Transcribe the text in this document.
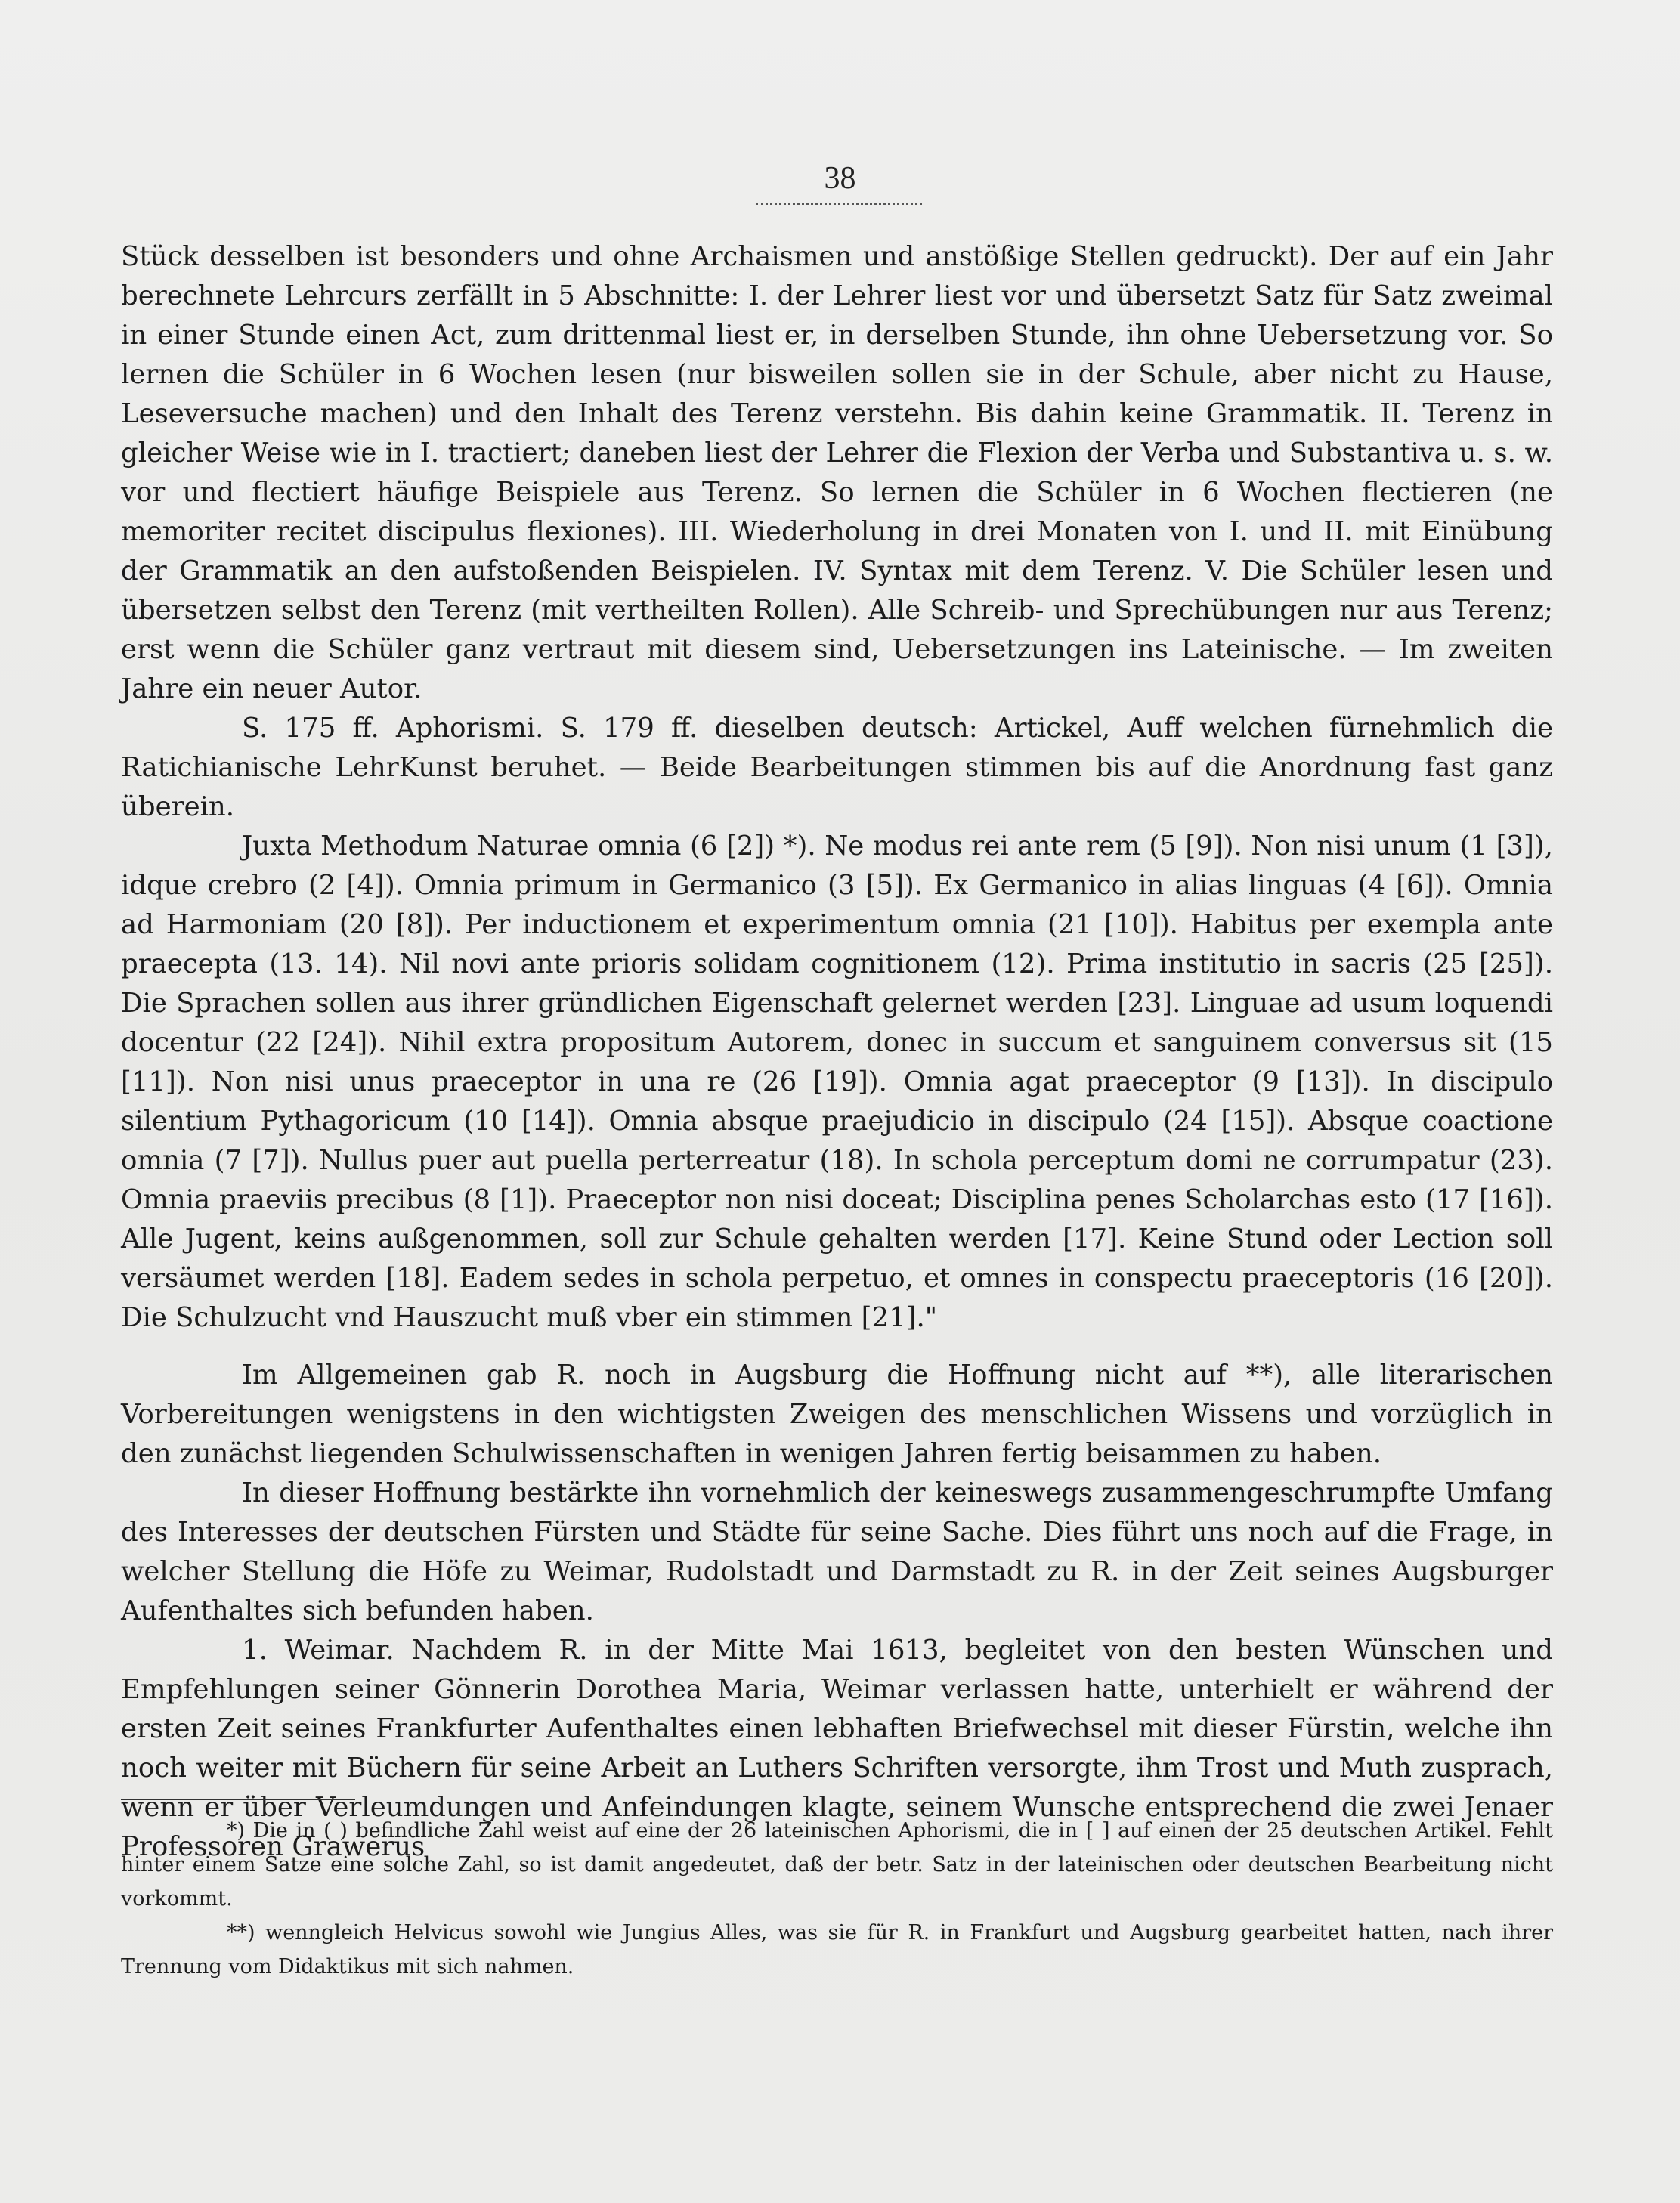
38

Stück desselben ist besonders und ohne Archaismen und anstößige Stellen gedruckt). Der auf ein Jahr berechnete Lehrcurs zerfällt in 5 Abschnitte: I. der Lehrer liest vor und übersetzt Satz für Satz zweimal in einer Stunde einen Act, zum drittenmal liest er, in derselben Stunde, ihn ohne Uebersetzung vor. So lernen die Schüler in 6 Wochen lesen (nur bisweilen sollen sie in der Schule, aber nicht zu Hause, Leseversuche machen) und den Inhalt des Terenz verstehn. Bis dahin keine Grammatik. II. Terenz in gleicher Weise wie in I. tractiert; daneben liest der Lehrer die Flexion der Verba und Substantiva u. s. w. vor und flectiert häufige Beispiele aus Terenz. So lernen die Schüler in 6 Wochen flectieren (ne memoriter recitet discipulus flexiones). III. Wiederholung in drei Monaten von I. und II. mit Einübung der Grammatik an den aufstoßenden Beispielen. IV. Syntax mit dem Terenz. V. Die Schüler lesen und übersetzen selbst den Terenz (mit vertheilten Rollen). Alle Schreib- und Sprechübungen nur aus Terenz; erst wenn die Schüler ganz vertraut mit diesem sind, Uebersetzungen ins Lateinische. — Im zweiten Jahre ein neuer Autor.

S. 175 ff. Aphorismi. S. 179 ff. dieselben deutsch: Artickel, Auff welchen fürnehmlich die Ratichianische LehrKunst beruhet. — Beide Bearbeitungen stimmen bis auf die Anordnung fast ganz überein.

Juxta Methodum Naturae omnia (6 [2]) *). Ne modus rei ante rem (5 [9]). Non nisi unum (1 [3]), idque crebro (2 [4]). Omnia primum in Germanico (3 [5]). Ex Germanico in alias linguas (4 [6]). Omnia ad Harmoniam (20 [8]). Per inductionem et experimentum omnia (21 [10]). Habitus per exempla ante praecepta (13. 14). Nil novi ante prioris solidam cognitionem (12). Prima institutio in sacris (25 [25]). Die Sprachen sollen aus ihrer gründlichen Eigenschaft gelernet werden [23]. Linguae ad usum loquendi docentur (22 [24]). Nihil extra propositum Autorem, donec in succum et sanguinem conversus sit (15 [11]). Non nisi unus praeceptor in una re (26 [19]). Omnia agat praeceptor (9 [13]). In discipulo silentium Pythagoricum (10 [14]). Omnia absque praejudicio in discipulo (24 [15]). Absque coactione omnia (7 [7]). Nullus puer aut puella perterreatur (18). In schola perceptum domi ne corrumpatur (23). Omnia praeviis precibus (8 [1]). Praeceptor non nisi doceat; Disciplina penes Scholarchas esto (17 [16]). Alle Jugent, keins außgenommen, soll zur Schule gehalten werden [17]. Keine Stund oder Lection soll versäumet werden [18]. Eadem sedes in schola perpetuo, et omnes in conspectu praeceptoris (16 [20]). Die Schulzucht vnd Hauszucht muß vber ein stimmen [21]."

Im Allgemeinen gab R. noch in Augsburg die Hoffnung nicht auf **), alle literarischen Vorbereitungen wenigstens in den wichtigsten Zweigen des menschlichen Wissens und vorzüglich in den zunächst liegenden Schulwissenschaften in wenigen Jahren fertig beisammen zu haben.

In dieser Hoffnung bestärkte ihn vornehmlich der keineswegs zusammengeschrumpfte Umfang des Interesses der deutschen Fürsten und Städte für seine Sache. Dies führt uns noch auf die Frage, in welcher Stellung die Höfe zu Weimar, Rudolstadt und Darmstadt zu R. in der Zeit seines Augsburger Aufenthaltes sich befunden haben.

1. Weimar. Nachdem R. in der Mitte Mai 1613, begleitet von den besten Wünschen und Empfehlungen seiner Gönnerin Dorothea Maria, Weimar verlassen hatte, unterhielt er während der ersten Zeit seines Frankfurter Aufenthaltes einen lebhaften Briefwechsel mit dieser Fürstin, welche ihn noch weiter mit Büchern für seine Arbeit an Luthers Schriften versorgte, ihm Trost und Muth zusprach, wenn er über Verleumdungen und Anfeindungen klagte, seinem Wunsche entsprechend die zwei Jenaer Professoren Grawerus

*) Die in ( ) befindliche Zahl weist auf eine der 26 lateinischen Aphorismi, die in [ ] auf einen der 25 deutschen Artikel. Fehlt hinter einem Satze eine solche Zahl, so ist damit angedeutet, daß der betr. Satz in der lateinischen oder deutschen Bearbeitung nicht vorkommt.

**) wenngleich Helvicus sowohl wie Jungius Alles, was sie für R. in Frankfurt und Augsburg gearbeitet hatten, nach ihrer Trennung vom Didaktikus mit sich nahmen.
